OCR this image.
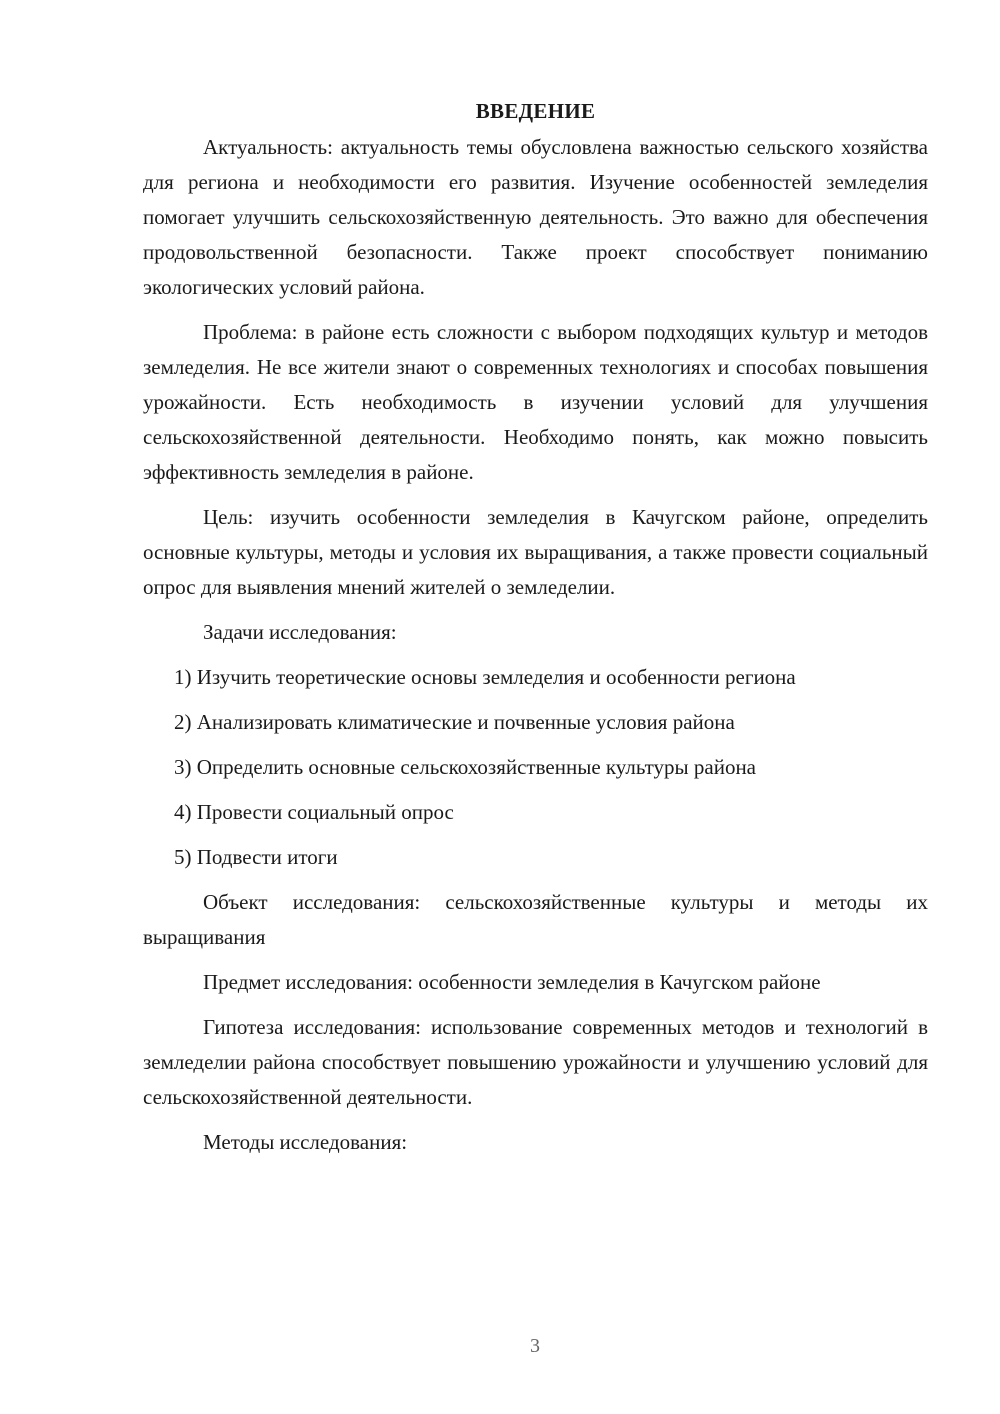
ВВЕДЕНИЕ

Актуальность: актуальность темы обусловлена важностью сельского хозяйства для региона и необходимости его развития. Изучение особенностей земледелия помогает улучшить сельскохозяйственную деятельность. Это важно для обеспечения продовольственной безопасности. Также проект способствует пониманию экологических условий района.

Проблема: в районе есть сложности с выбором подходящих культур и методов земледелия. Не все жители знают о современных технологиях и способах повышения урожайности. Есть необходимость в изучении условий для улучшения сельскохозяйственной деятельности. Необходимо понять, как можно повысить эффективность земледелия в районе.

Цель: изучить особенности земледелия в Качугском районе, определить основные культуры, методы и условия их выращивания, а также провести социальный опрос для выявления мнений жителей о земледелии.

Задачи исследования:

1) Изучить теоретические основы земледелия и особенности региона
2) Анализировать климатические и почвенные условия района
3) Определить основные сельскохозяйственные культуры района
4) Провести социальный опрос
5) Подвести итоги

Объект исследования: сельскохозяйственные культуры и методы их выращивания

Предмет исследования: особенности земледелия в Качугском районе

Гипотеза исследования: использование современных методов и технологий в земледелии района способствует повышению урожайности и улучшению условий для сельскохозяйственной деятельности.

Методы исследования:

3
